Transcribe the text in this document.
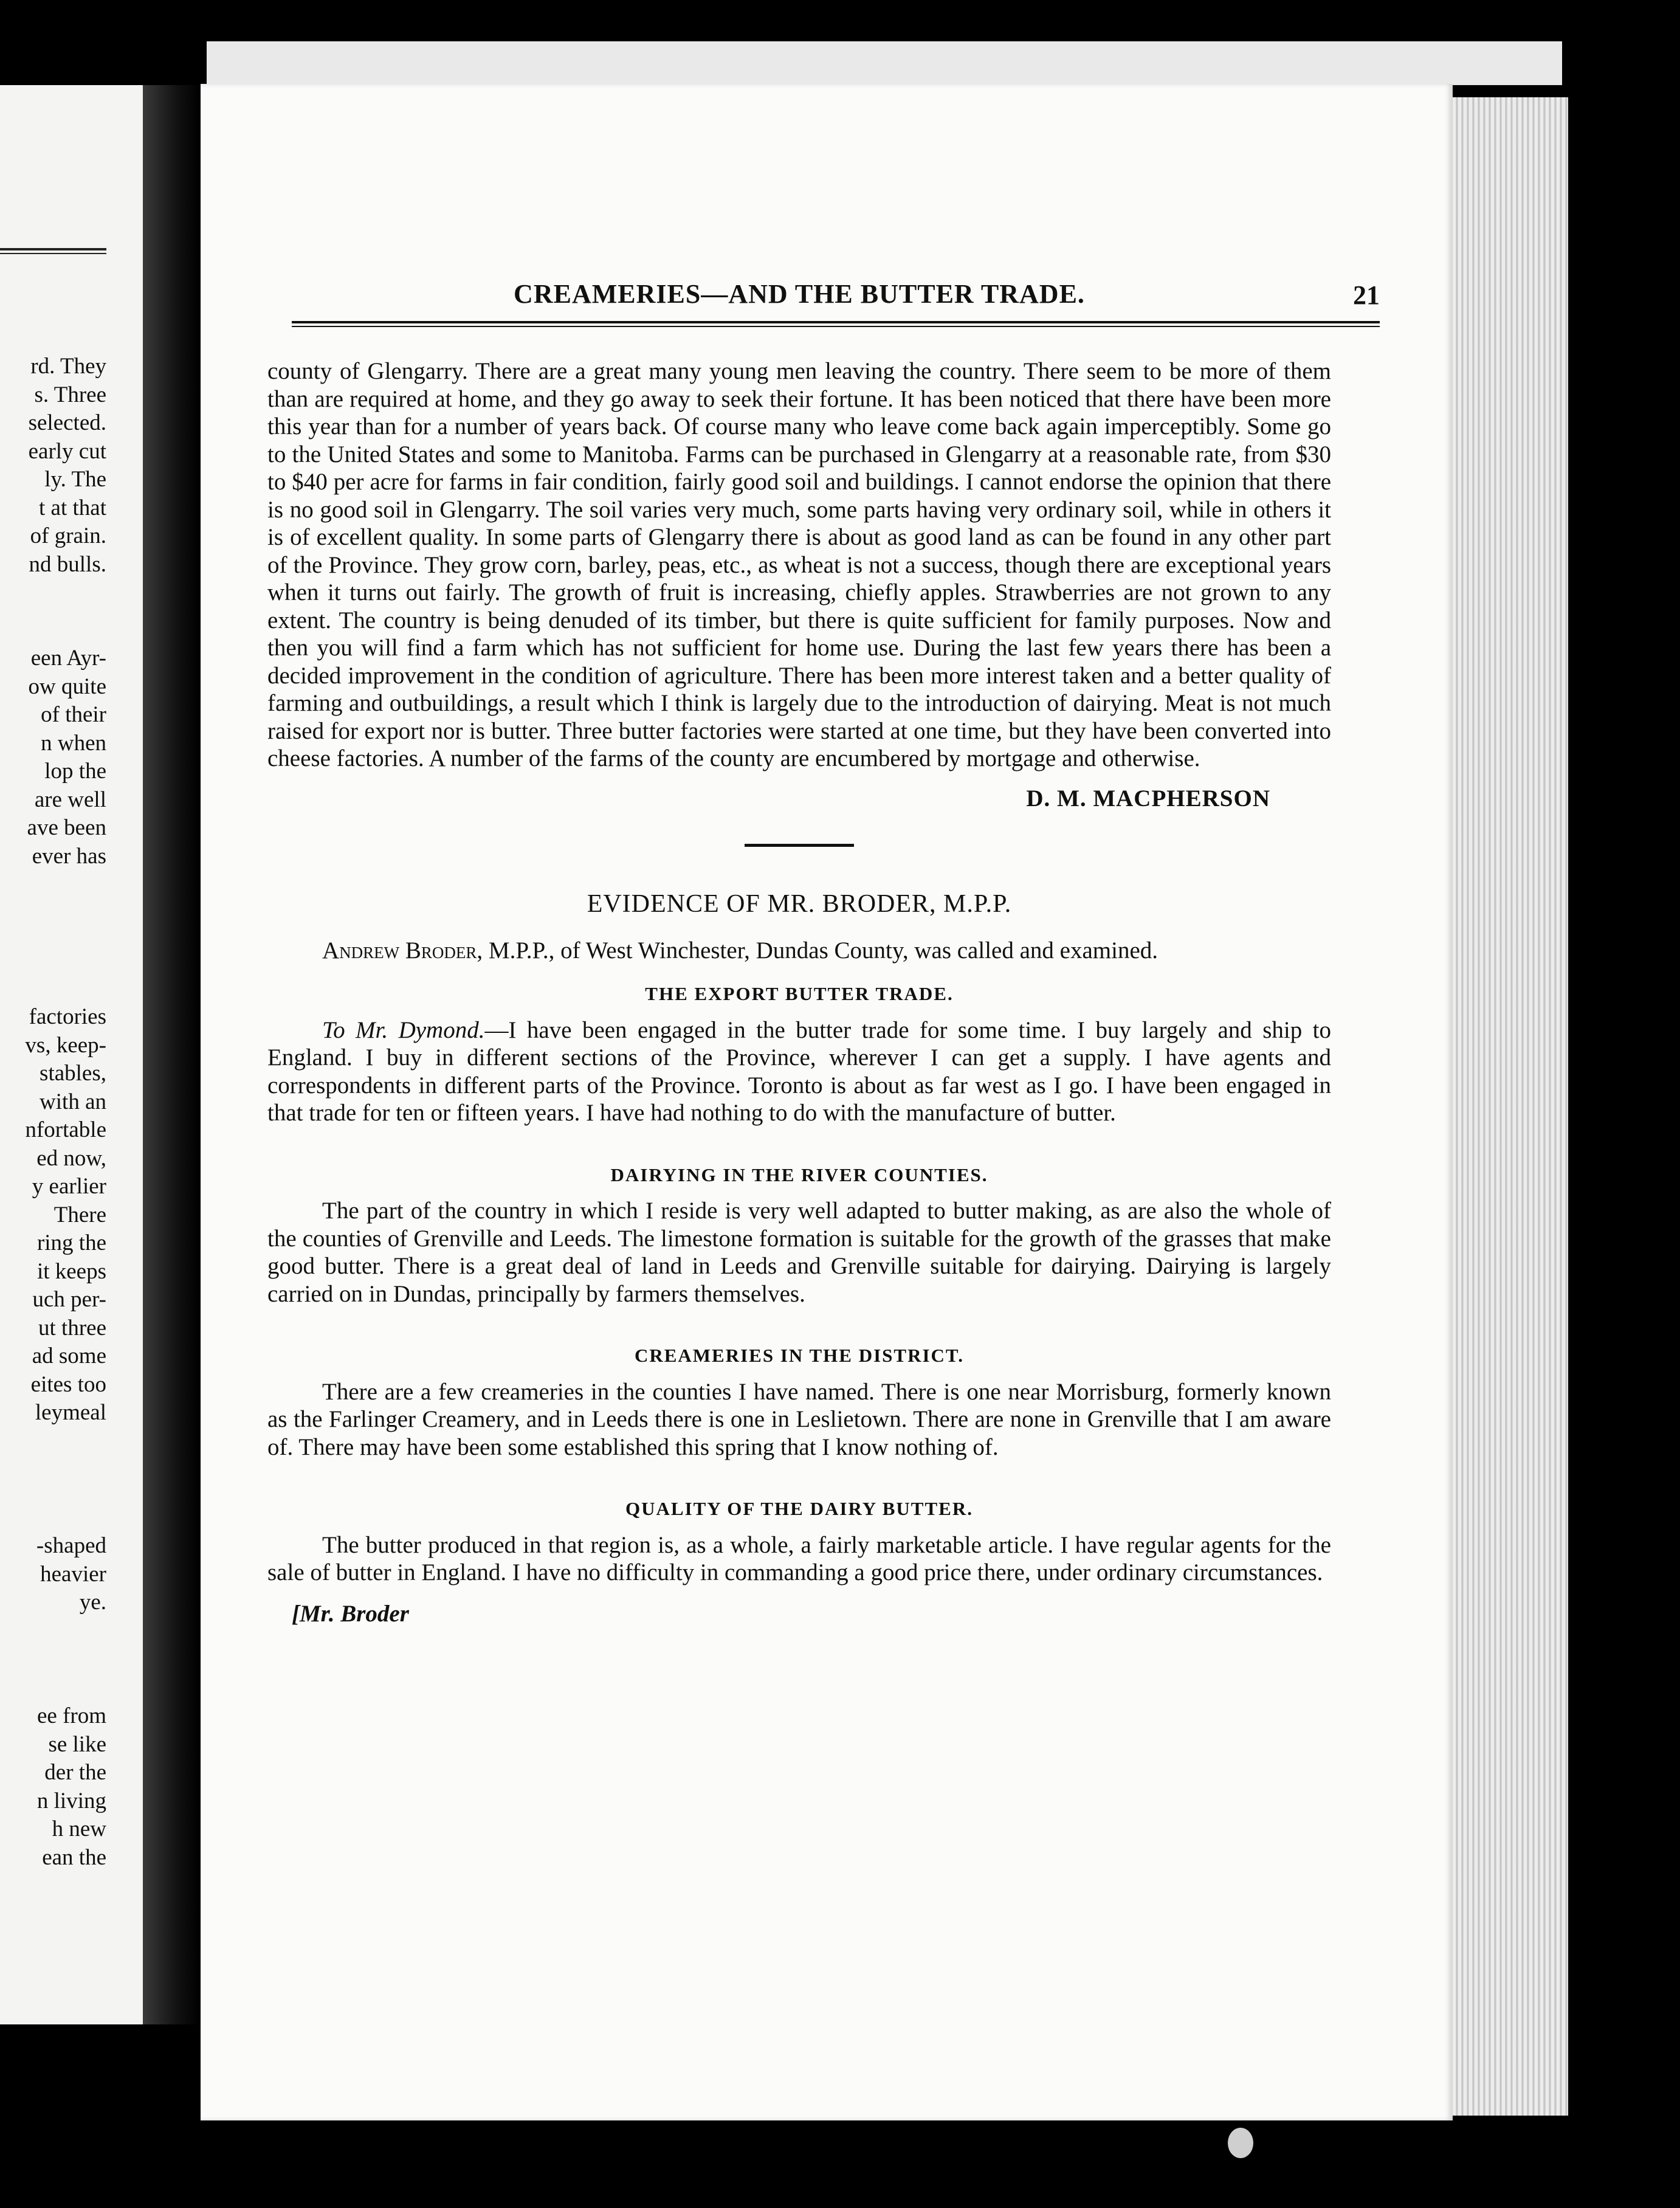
rd. They
s. Three
selected.
early cut
ly. The
t at that
of grain.
nd bulls.
een Ayr-
ow quite
of their
n when
lop the
are well
ave been
ever has
factories
vs, keep-
stables,
with an
nfortable
ed now,
y earlier
There
ring the
it keeps
uch per-
ut three
ad some
eites too
leymeal
-shaped
heavier
ye.
ee from
se like
der the
n living
h new
ean the
CREAMERIES—AND THE BUTTER TRADE.	21

county of Glengarry. There are a great many young men leaving the country. There seem to be more of them than are required at home, and they go away to seek their fortune. It has been noticed that there have been more this year than for a number of years back. Of course many who leave come back again imperceptibly. Some go to the United States and some to Manitoba. Farms can be purchased in Glengarry at a reasonable rate, from $30 to $40 per acre for farms in fair condition, fairly good soil and buildings. I cannot endorse the opinion that there is no good soil in Glengarry. The soil varies very much, some parts having very ordinary soil, while in others it is of excellent quality. In some parts of Glengarry there is about as good land as can be found in any other part of the Province. They grow corn, barley, peas, etc., as wheat is not a success, though there are exceptional years when it turns out fairly. The growth of fruit is increasing, chiefly apples. Strawberries are not grown to any extent. The country is being denuded of its timber, but there is quite sufficient for family purposes. Now and then you will find a farm which has not sufficient for home use. During the last few years there has been a decided improvement in the condition of agriculture. There has been more interest taken and a better quality of farming and outbuildings, a result which I think is largely due to the introduction of dairying. Meat is not much raised for export nor is butter. Three butter factories were started at one time, but they have been converted into cheese factories. A number of the farms of the county are encumbered by mortgage and otherwise.

D. M. MACPHERSON

EVIDENCE OF MR. BRODER, M.P.P.

Andrew Broder, M.P.P., of West Winchester, Dundas County, was called and examined.

THE EXPORT BUTTER TRADE.

To Mr. Dymond.—I have been engaged in the butter trade for some time. I buy largely and ship to England. I buy in different sections of the Province, wherever I can get a supply. I have agents and correspondents in different parts of the Province. Toronto is about as far west as I go. I have been engaged in that trade for ten or fifteen years. I have had nothing to do with the manufacture of butter.

DAIRYING IN THE RIVER COUNTIES.

The part of the country in which I reside is very well adapted to butter making, as are also the whole of the counties of Grenville and Leeds. The limestone formation is suitable for the growth of the grasses that make good butter. There is a great deal of land in Leeds and Grenville suitable for dairying. Dairying is largely carried on in Dundas, principally by farmers themselves.

CREAMERIES IN THE DISTRICT.

There are a few creameries in the counties I have named. There is one near Morrisburg, formerly known as the Farlinger Creamery, and in Leeds there is one in Leslietown. There are none in Grenville that I am aware of. There may have been some established this spring that I know nothing of.

QUALITY OF THE DAIRY BUTTER.

The butter produced in that region is, as a whole, a fairly marketable article. I have regular agents for the sale of butter in England. I have no difficulty in commanding a good price there, under ordinary circumstances.

[Mr. Broder
